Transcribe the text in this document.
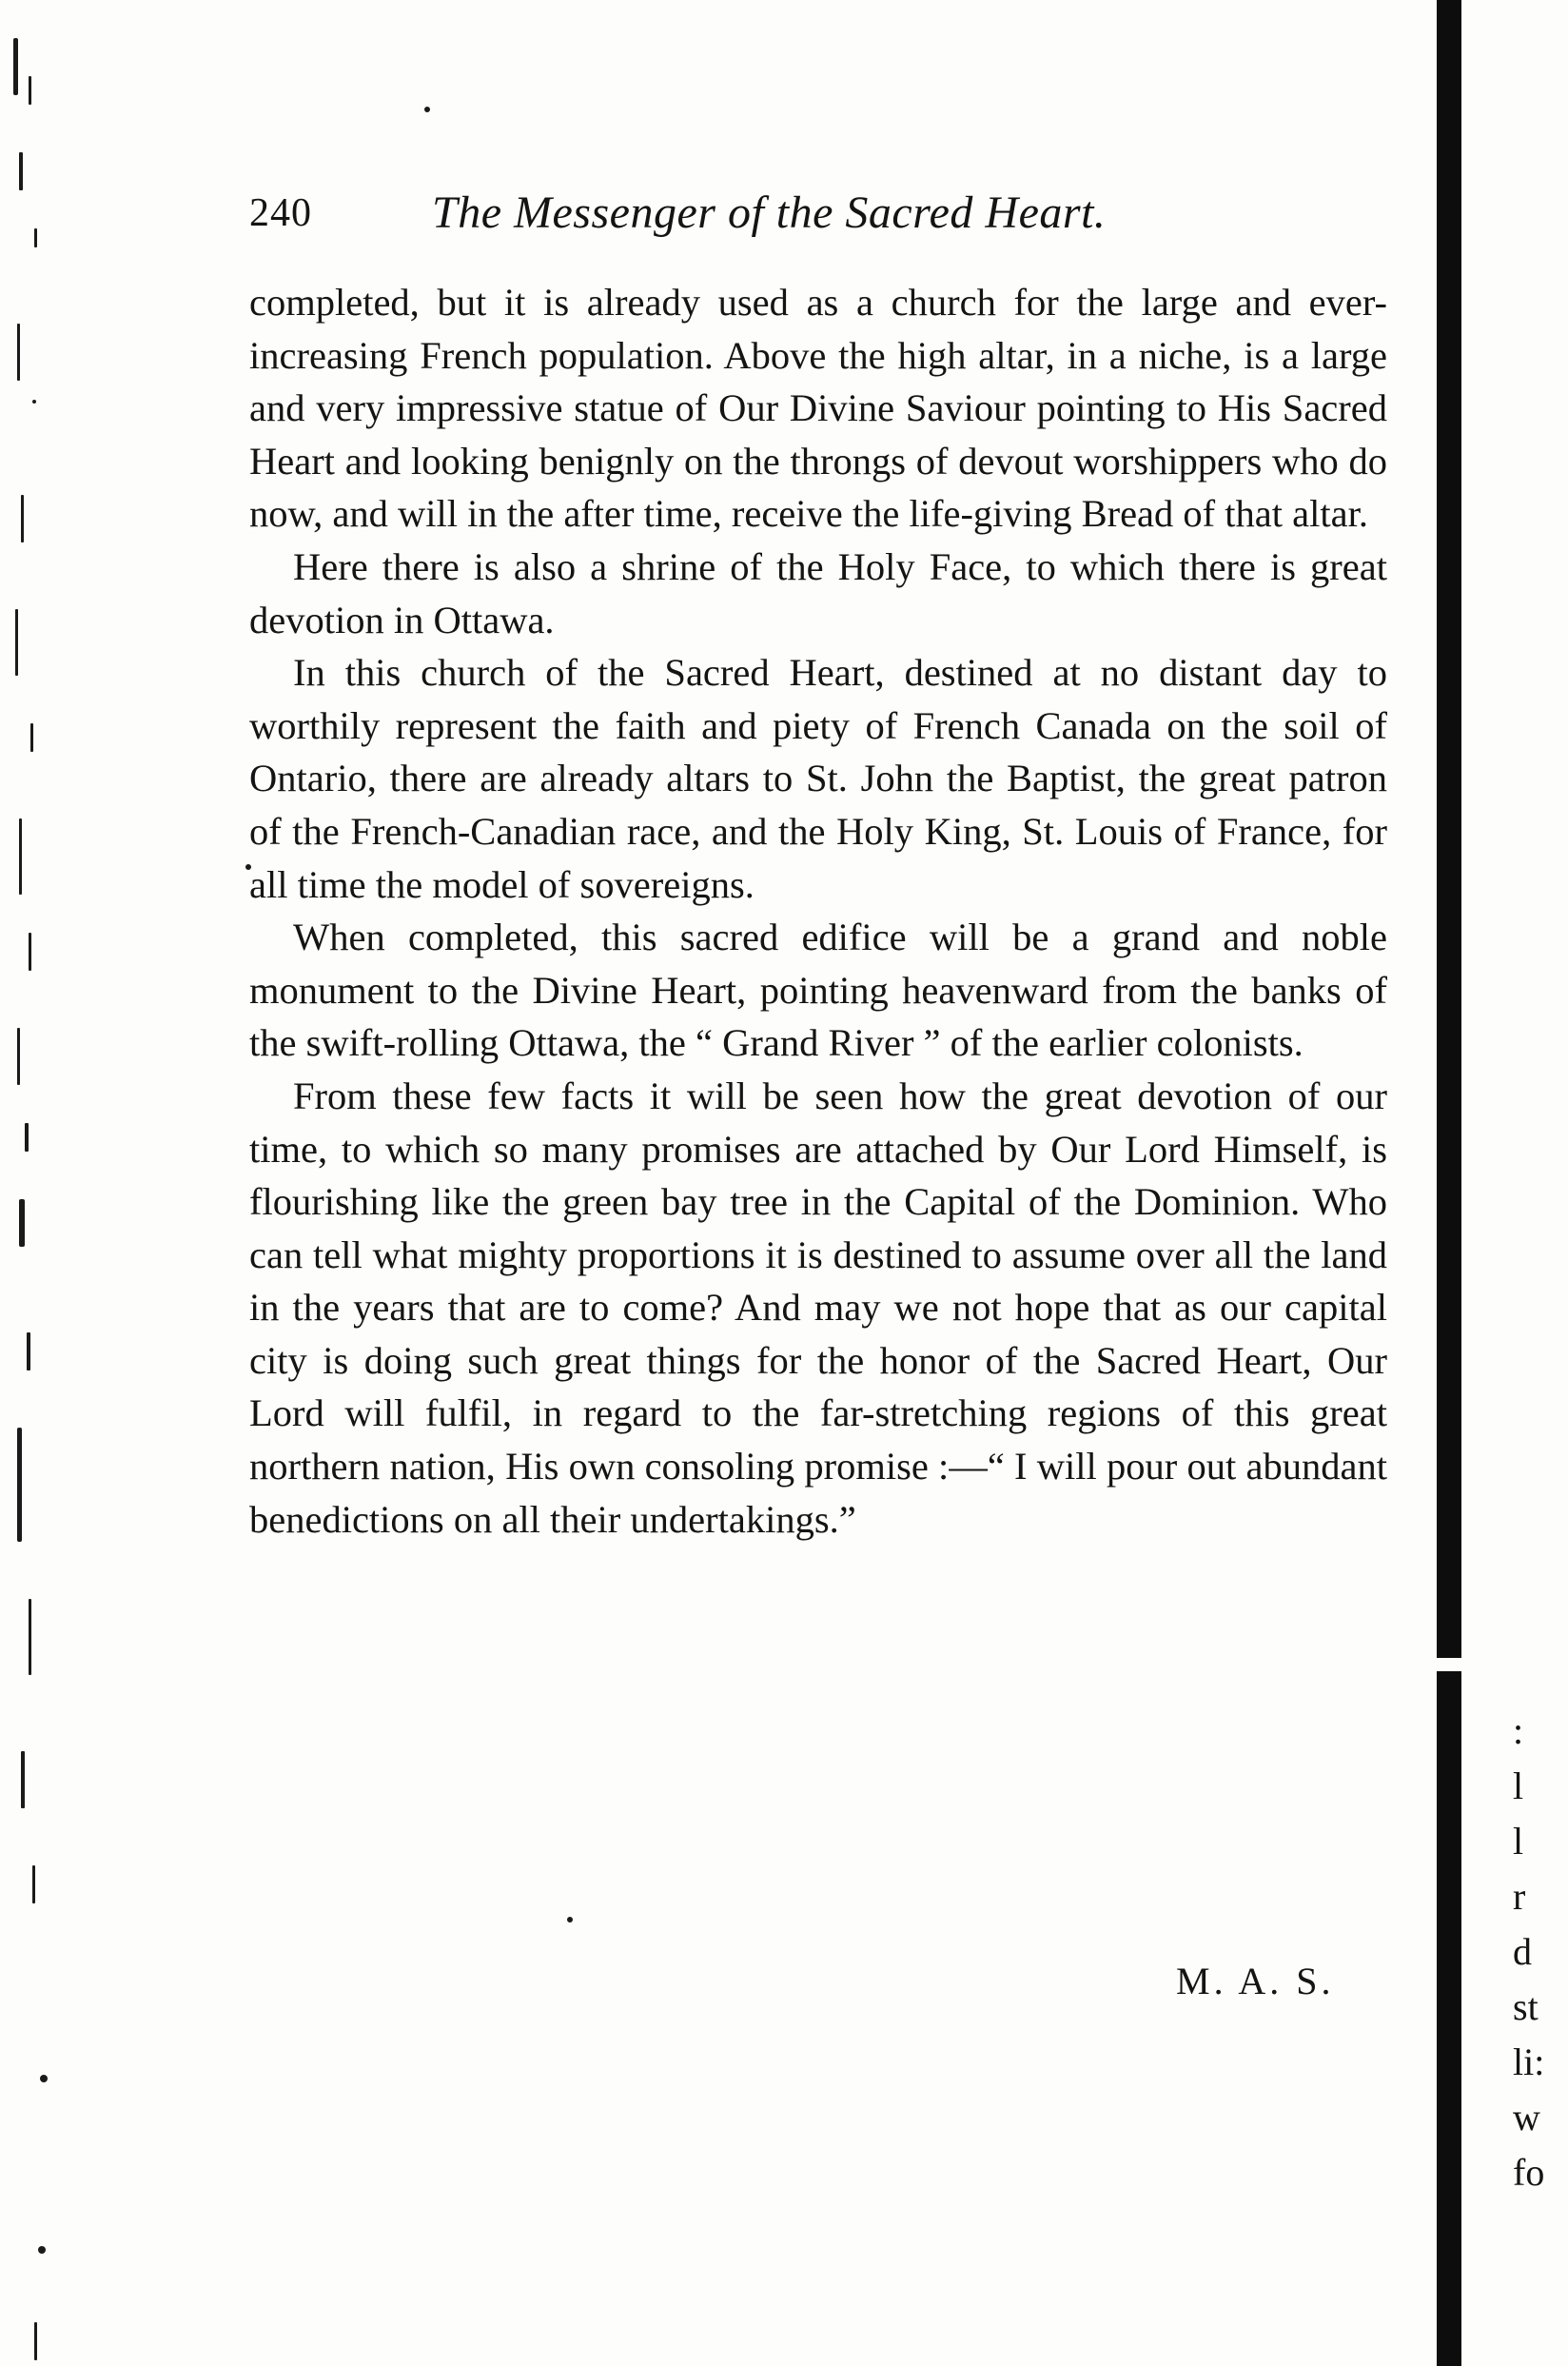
240	The Messenger of the Sacred Heart.

completed, but it is already used as a church for the large and ever-increasing French population. Above the high altar, in a niche, is a large and very impressive statue of Our Divine Saviour pointing to His Sacred Heart and looking benignly on the throngs of devout worshippers who do now, and will in the after time, receive the life-giving Bread of that altar.

Here there is also a shrine of the Holy Face, to which there is great devotion in Ottawa.

In this church of the Sacred Heart, destined at no distant day to worthily represent the faith and piety of French Canada on the soil of Ontario, there are already altars to St. John the Baptist, the great patron of the French-Canadian race, and the Holy King, St. Louis of France, for all time the model of sovereigns.

When completed, this sacred edifice will be a grand and noble monument to the Divine Heart, pointing heavenward from the banks of the swift-rolling Ottawa, the “ Grand River ” of the earlier colonists.

From these few facts it will be seen how the great devotion of our time, to which so many promises are attached by Our Lord Himself, is flourishing like the green bay tree in the Capital of the Dominion. Who can tell what mighty proportions it is destined to assume over all the land in the years that are to come? And may we not hope that as our capital city is doing such great things for the honor of the Sacred Heart, Our Lord will fulfil, in regard to the far-stretching regions of this great northern nation, His own consoling promise :—“ I will pour out abundant benedictions on all their undertakings.”

M. A. S.
:
l
l
r
d
st
li:
w
fo
